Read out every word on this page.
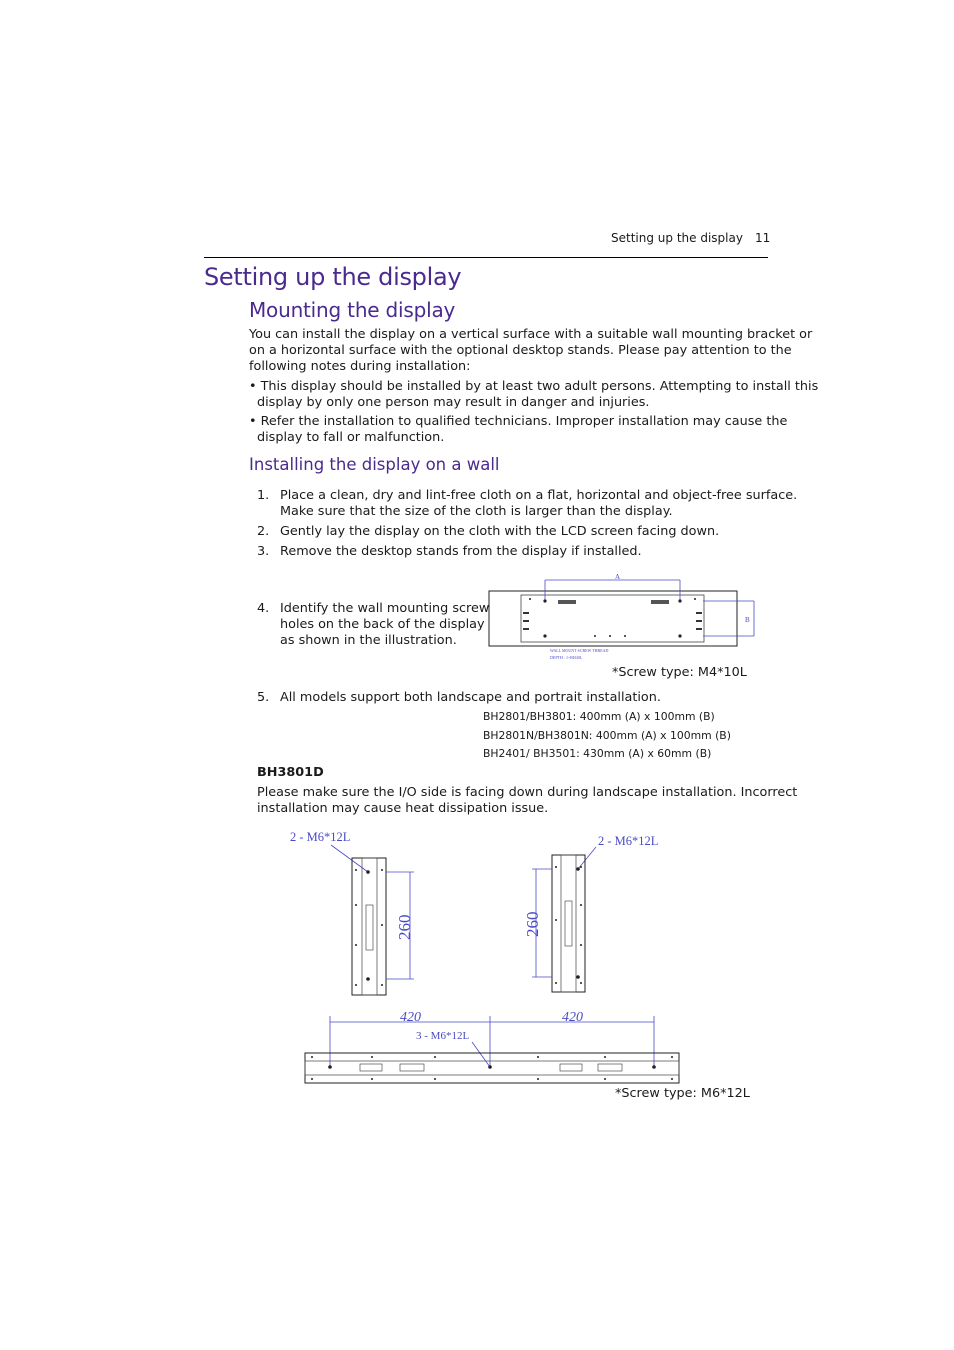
Setting up the display 11
Setting up the display
Mounting the display
You can install the display on a vertical surface with a suitable wall mounting bracket or
on a horizontal surface with the optional desktop stands. Please pay attention to the
following notes during installation:
• This display should be installed by at least two adult persons. Attempting to install this
display by only one person may result in danger and injuries.
• Refer the installation to qualified technicians. Improper installation may cause the
display to fall or malfunction.
Installing the display on a wall
1. Place a clean, dry and lint-free cloth on a flat, horizontal and object-free surface.
Make sure that the size of the cloth is larger than the display.
2. Gently lay the display on the cloth with the LCD screen facing down.
3. Remove the desktop stands from the display if installed.
4. Identify the wall mounting screw
holes on the back of the display
as shown in the illustration.
A
B
WALL MOUNT SCREW THREAD
DEPTH : 1~BH40L
*Screw type: M4*10L
5. All models support both landscape and portrait installation.
BH2801/BH3801: 400mm (A) x 100mm (B)
BH2801N/BH3801N: 400mm (A) x 100mm (B)
BH2401/ BH3501: 430mm (A) x 60mm (B)
BH3801D
Please make sure the I/O side is facing down during landscape installation. Incorrect
installation may cause heat dissipation issue.
2 - M6*12L
260
2 - M6*12L
260
420	420
3 - M6*12L
*Screw type: M6*12L
